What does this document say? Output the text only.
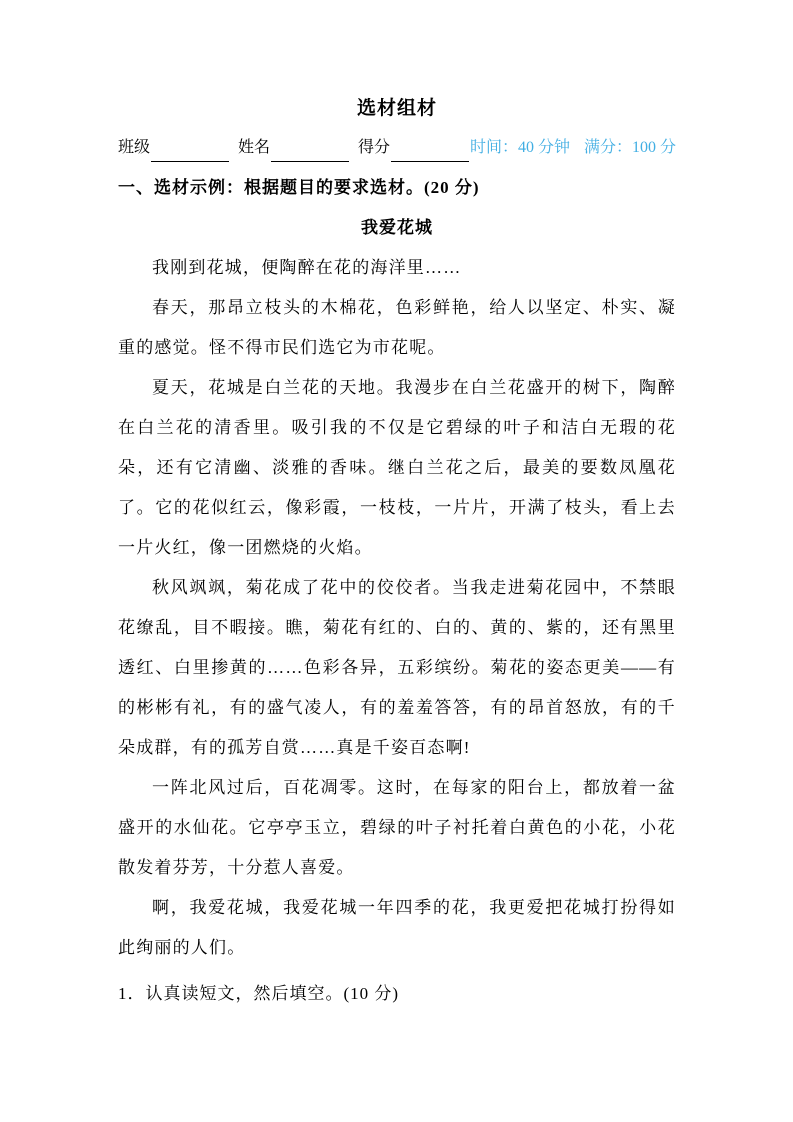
选材组材
班级	姓名	得分	时间：40 分钟 满分：100 分
一、选材示例：根据题目的要求选材。(20 分)
我爱花城

我刚到花城，便陶醉在花的海洋里……

春天，那昂立枝头的木棉花，色彩鲜艳，给人以坚定、朴实、凝重的感觉。怪不得市民们选它为市花呢。

夏天，花城是白兰花的天地。我漫步在白兰花盛开的树下，陶醉在白兰花的清香里。吸引我的不仅是它碧绿的叶子和洁白无瑕的花朵，还有它清幽、淡雅的香味。继白兰花之后，最美的要数凤凰花了。它的花似红云，像彩霞，一枝枝，一片片，开满了枝头，看上去一片火红，像一团燃烧的火焰。

秋风飒飒，菊花成了花中的佼佼者。当我走进菊花园中，不禁眼花缭乱，目不暇接。瞧，菊花有红的、白的、黄的、紫的，还有黑里透红、白里掺黄的……色彩各异，五彩缤纷。菊花的姿态更美——有的彬彬有礼，有的盛气凌人，有的羞羞答答，有的昂首怒放，有的千朵成群，有的孤芳自赏……真是千姿百态啊!

一阵北风过后，百花凋零。这时，在每家的阳台上，都放着一盆盛开的水仙花。它亭亭玉立，碧绿的叶子衬托着白黄色的小花，小花散发着芬芳，十分惹人喜爱。

啊，我爱花城，我爱花城一年四季的花，我更爱把花城打扮得如此绚丽的人们。

1．认真读短文，然后填空。(10 分)
